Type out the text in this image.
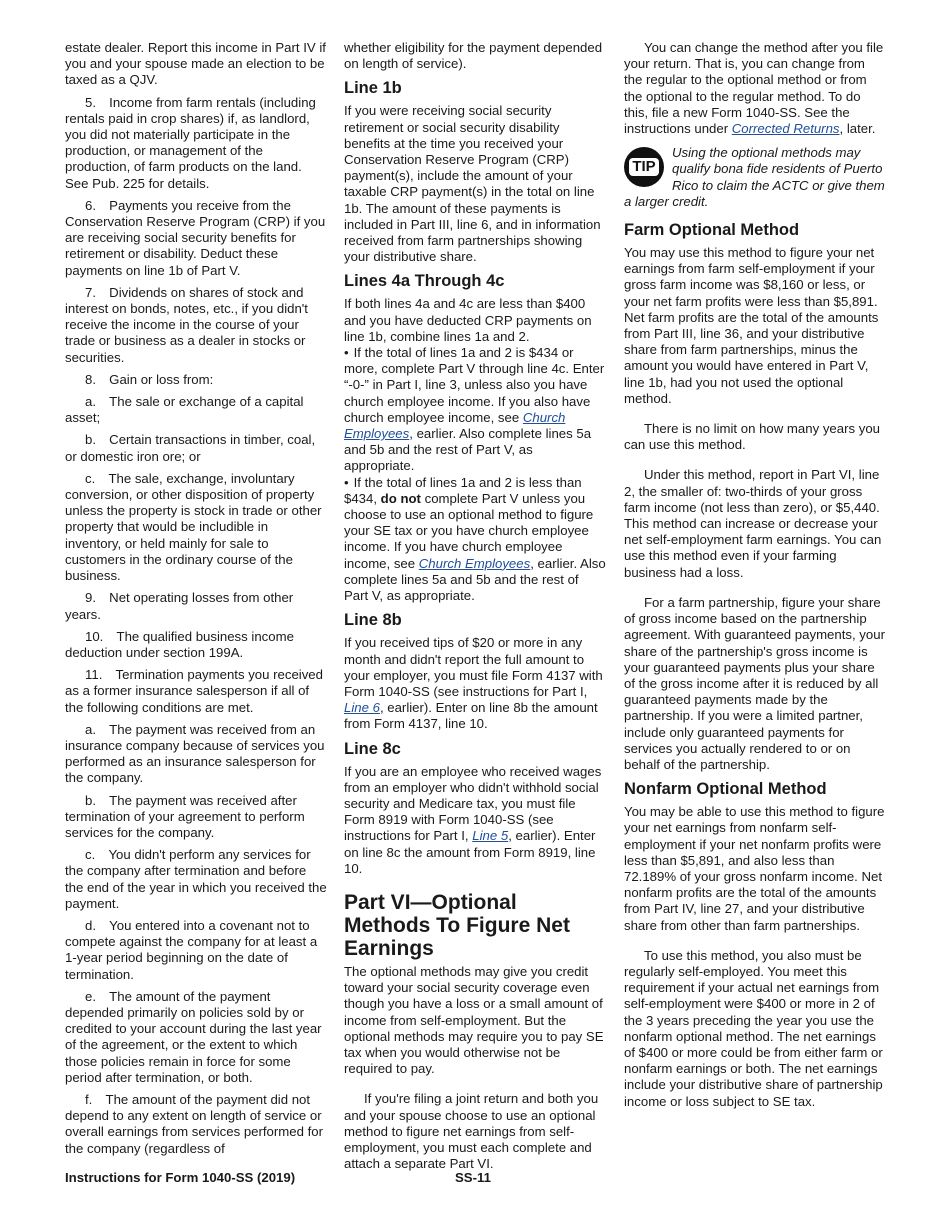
estate dealer. Report this income in Part IV if you and your spouse made an election to be taxed as a QJV.

5. Income from farm rentals (including rentals paid in crop shares) if, as landlord, you did not materially participate in the production, or management of the production, of farm products on the land. See Pub. 225 for details.

6. Payments you receive from the Conservation Reserve Program (CRP) if you are receiving social security benefits for retirement or disability. Deduct these payments on line 1b of Part V.

7. Dividends on shares of stock and interest on bonds, notes, etc., if you didn't receive the income in the course of your trade or business as a dealer in stocks or securities.

8. Gain or loss from:

a. The sale or exchange of a capital asset;

b. Certain transactions in timber, coal, or domestic iron ore; or

c. The sale, exchange, involuntary conversion, or other disposition of property unless the property is stock in trade or other property that would be includible in inventory, or held mainly for sale to customers in the ordinary course of the business.

9. Net operating losses from other years.

10. The qualified business income deduction under section 199A.

11. Termination payments you received as a former insurance salesperson if all of the following conditions are met.

a. The payment was received from an insurance company because of services you performed as an insurance salesperson for the company.

b. The payment was received after termination of your agreement to perform services for the company.

c. You didn't perform any services for the company after termination and before the end of the year in which you received the payment.

d. You entered into a covenant not to compete against the company for at least a 1-year period beginning on the date of termination.

e. The amount of the payment depended primarily on policies sold by or credited to your account during the last year of the agreement, or the extent to which those policies remain in force for some period after termination, or both.

f. The amount of the payment did not depend to any extent on length of service or overall earnings from services performed for the company (regardless of

whether eligibility for the payment depended on length of service).

Line 1b

If you were receiving social security retirement or social security disability benefits at the time you received your Conservation Reserve Program (CRP) payment(s), include the amount of your taxable CRP payment(s) in the total on line 1b. The amount of these payments is included in Part III, line 6, and in information received from farm partnerships showing your distributive share.

Lines 4a Through 4c

If both lines 4a and 4c are less than $400 and you have deducted CRP payments on line 1b, combine lines 1a and 2.

• If the total of lines 1a and 2 is $434 or more, complete Part V through line 4c. Enter “-0-” in Part I, line 3, unless also you have church employee income. If you also have church employee income, see Church Employees, earlier. Also complete lines 5a and 5b and the rest of Part V, as appropriate.

• If the total of lines 1a and 2 is less than $434, do not complete Part V unless you choose to use an optional method to figure your SE tax or you have church employee income. If you have church employee income, see Church Employees, earlier. Also complete lines 5a and 5b and the rest of Part V, as appropriate.

Line 8b

If you received tips of $20 or more in any month and didn't report the full amount to your employer, you must file Form 4137 with Form 1040-SS (see instructions for Part I, Line 6, earlier). Enter on line 8b the amount from Form 4137, line 10.

Line 8c

If you are an employee who received wages from an employer who didn't withhold social security and Medicare tax, you must file Form 8919 with Form 1040-SS (see instructions for Part I, Line 5, earlier). Enter on line 8c the amount from Form 8919, line 10.

Part VI—Optional Methods To Figure Net Earnings

The optional methods may give you credit toward your social security coverage even though you have a loss or a small amount of income from self-employment. But the optional methods may require you to pay SE tax when you would otherwise not be required to pay.

If you're filing a joint return and both you and your spouse choose to use an optional method to figure net earnings from self-employment, you must each complete and attach a separate Part VI.

You can change the method after you file your return. That is, you can change from the regular to the optional method or from the optional to the regular method. To do this, file a new Form 1040-SS. See the instructions under Corrected Returns, later.

TIP
Using the optional methods may qualify bona fide residents of Puerto Rico to claim the ACTC or give them a larger credit.
Farm Optional Method

You may use this method to figure your net earnings from farm self-employment if your gross farm income was $8,160 or less, or your net farm profits were less than $5,891. Net farm profits are the total of the amounts from Part III, line 36, and your distributive share from farm partnerships, minus the amount you would have entered in Part V, line 1b, had you not used the optional method.

There is no limit on how many years you can use this method.

Under this method, report in Part VI, line 2, the smaller of: two-thirds of your gross farm income (not less than zero), or $5,440. This method can increase or decrease your net self-employment farm earnings. You can use this method even if your farming business had a loss.

For a farm partnership, figure your share of gross income based on the partnership agreement. With guaranteed payments, your share of the partnership's gross income is your guaranteed payments plus your share of the gross income after it is reduced by all guaranteed payments made by the partnership. If you were a limited partner, include only guaranteed payments for services you actually rendered to or on behalf of the partnership.

Nonfarm Optional Method

You may be able to use this method to figure your net earnings from nonfarm self-employment if your net nonfarm profits were less than $5,891, and also less than 72.189% of your gross nonfarm income. Net nonfarm profits are the total of the amounts from Part IV, line 27, and your distributive share from other than farm partnerships.

To use this method, you also must be regularly self-employed. You meet this requirement if your actual net earnings from self-employment were $400 or more in 2 of the 3 years preceding the year you use the nonfarm optional method. The net earnings of $400 or more could be from either farm or nonfarm earnings or both. The net earnings include your distributive share of partnership income or loss subject to SE tax.

Instructions for Form 1040-SS (2019)	SS-11
